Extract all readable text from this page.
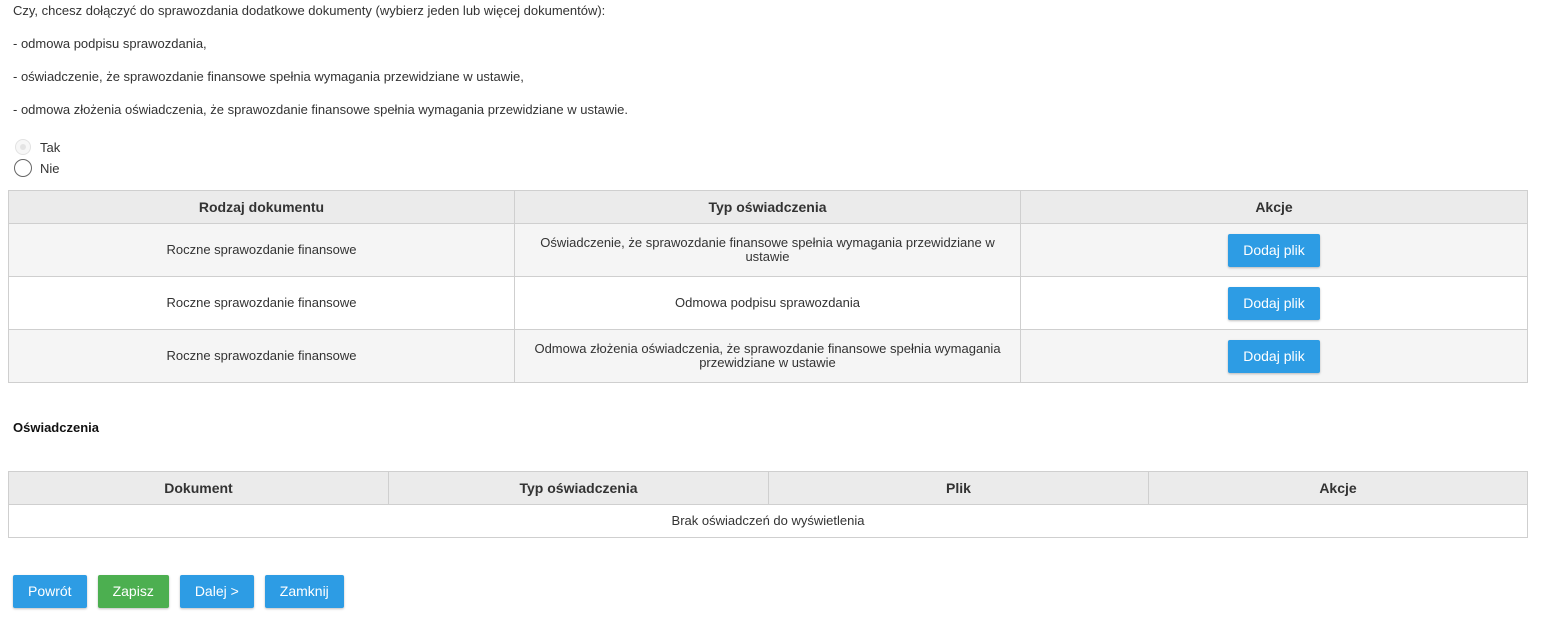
Czy, chcesz dołączyć do sprawozdania dodatkowe dokumenty (wybierz jeden lub więcej dokumentów):
- odmowa podpisu sprawozdania,
- oświadczenie, że sprawozdanie finansowe spełnia wymagania przewidziane w ustawie,
- odmowa złożenia oświadczenia, że sprawozdanie finansowe spełnia wymagania przewidziane w ustawie.
Tak
Nie
Rodzaj dokumentu	Typ oświadczenia	Akcje
Roczne sprawozdanie finansowe	Oświadczenie, że sprawozdanie finansowe spełnia wymagania przewidziane w ustawie	Dodaj plik
Roczne sprawozdanie finansowe	Odmowa podpisu sprawozdania	Dodaj plik
Roczne sprawozdanie finansowe	Odmowa złożenia oświadczenia, że sprawozdanie finansowe spełnia wymagania przewidziane w ustawie	Dodaj plik
Oświadczenia
Dokument	Typ oświadczenia	Plik	Akcje
Brak oświadczeń do wyświetlenia
Powrót	Zapisz	Dalej >	Zamknij
